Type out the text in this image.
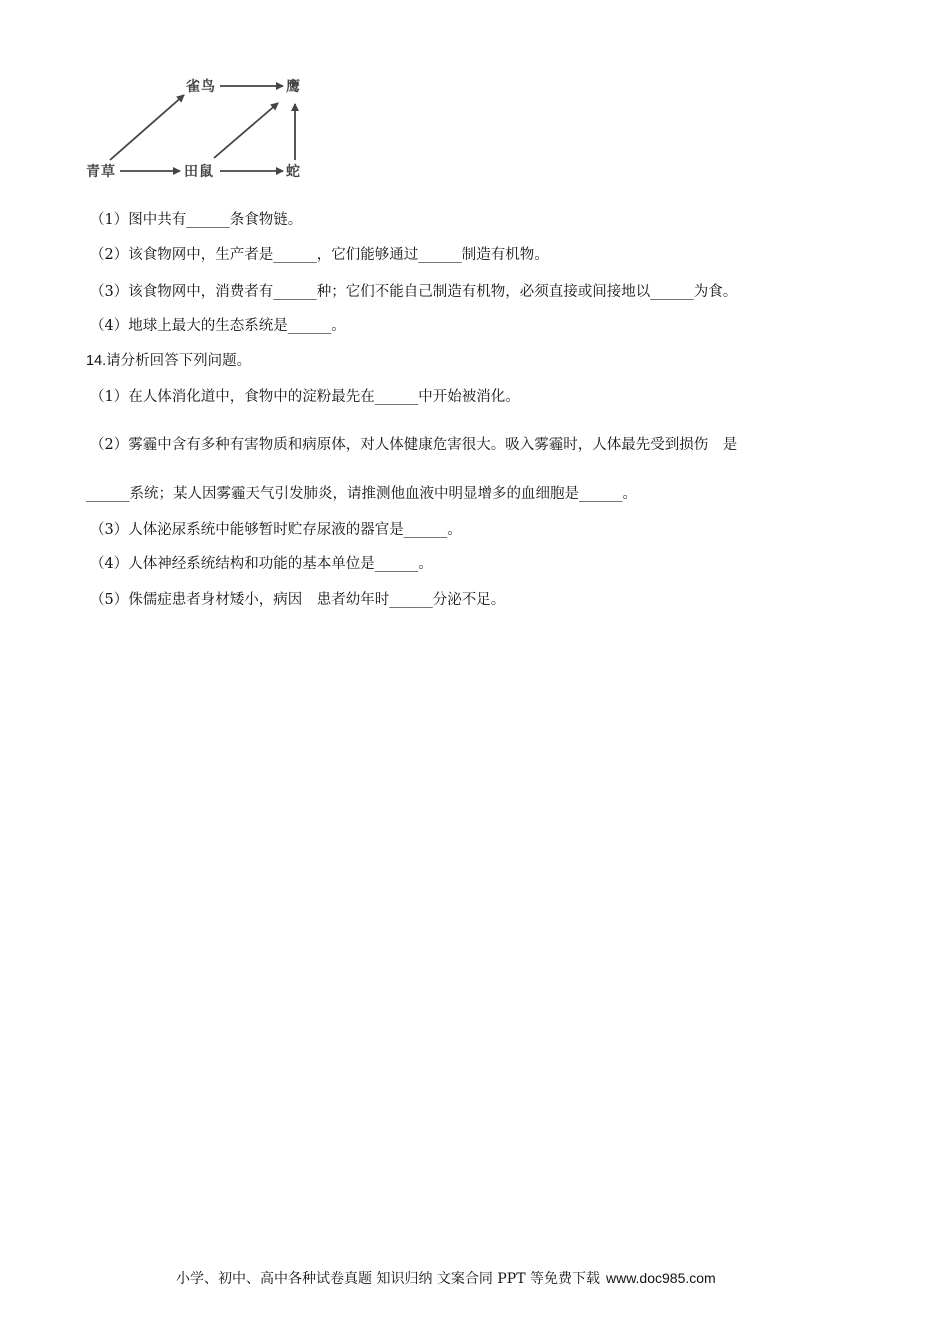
青草	田鼠
雀鸟	鹰
蛇
（1）图中共有______条食物链。
（2）该食物网中，生产者是______，它们能够通过______制造有机物。
（3）该食物网中，消费者有______种；它们不能自己制造有机物，必须直接或间接地以______为食。
（4）地球上最大的生态系统是______。
14.请分析回答下列问题。
（1）在人体消化道中，食物中的淀粉最先在______中开始被消化。
（2）雾霾中含有多种有害物质和病原体，对人体健康危害很大。吸入雾霾时，人体最先受到损伤　是
______系统；某人因雾霾天气引发肺炎，请推测他血液中明显增多的血细胞是______。
（3）人体泌尿系统中能够暂时贮存尿液的器官是______。
（4）人体神经系统结构和功能的基本单位是______。
（5）侏儒症患者身材矮小，病因　患者幼年时______分泌不足。
小学、初中、高中各种试卷真题 知识归纳 文案合同 PPT 等免费下载 www.doc985.com
